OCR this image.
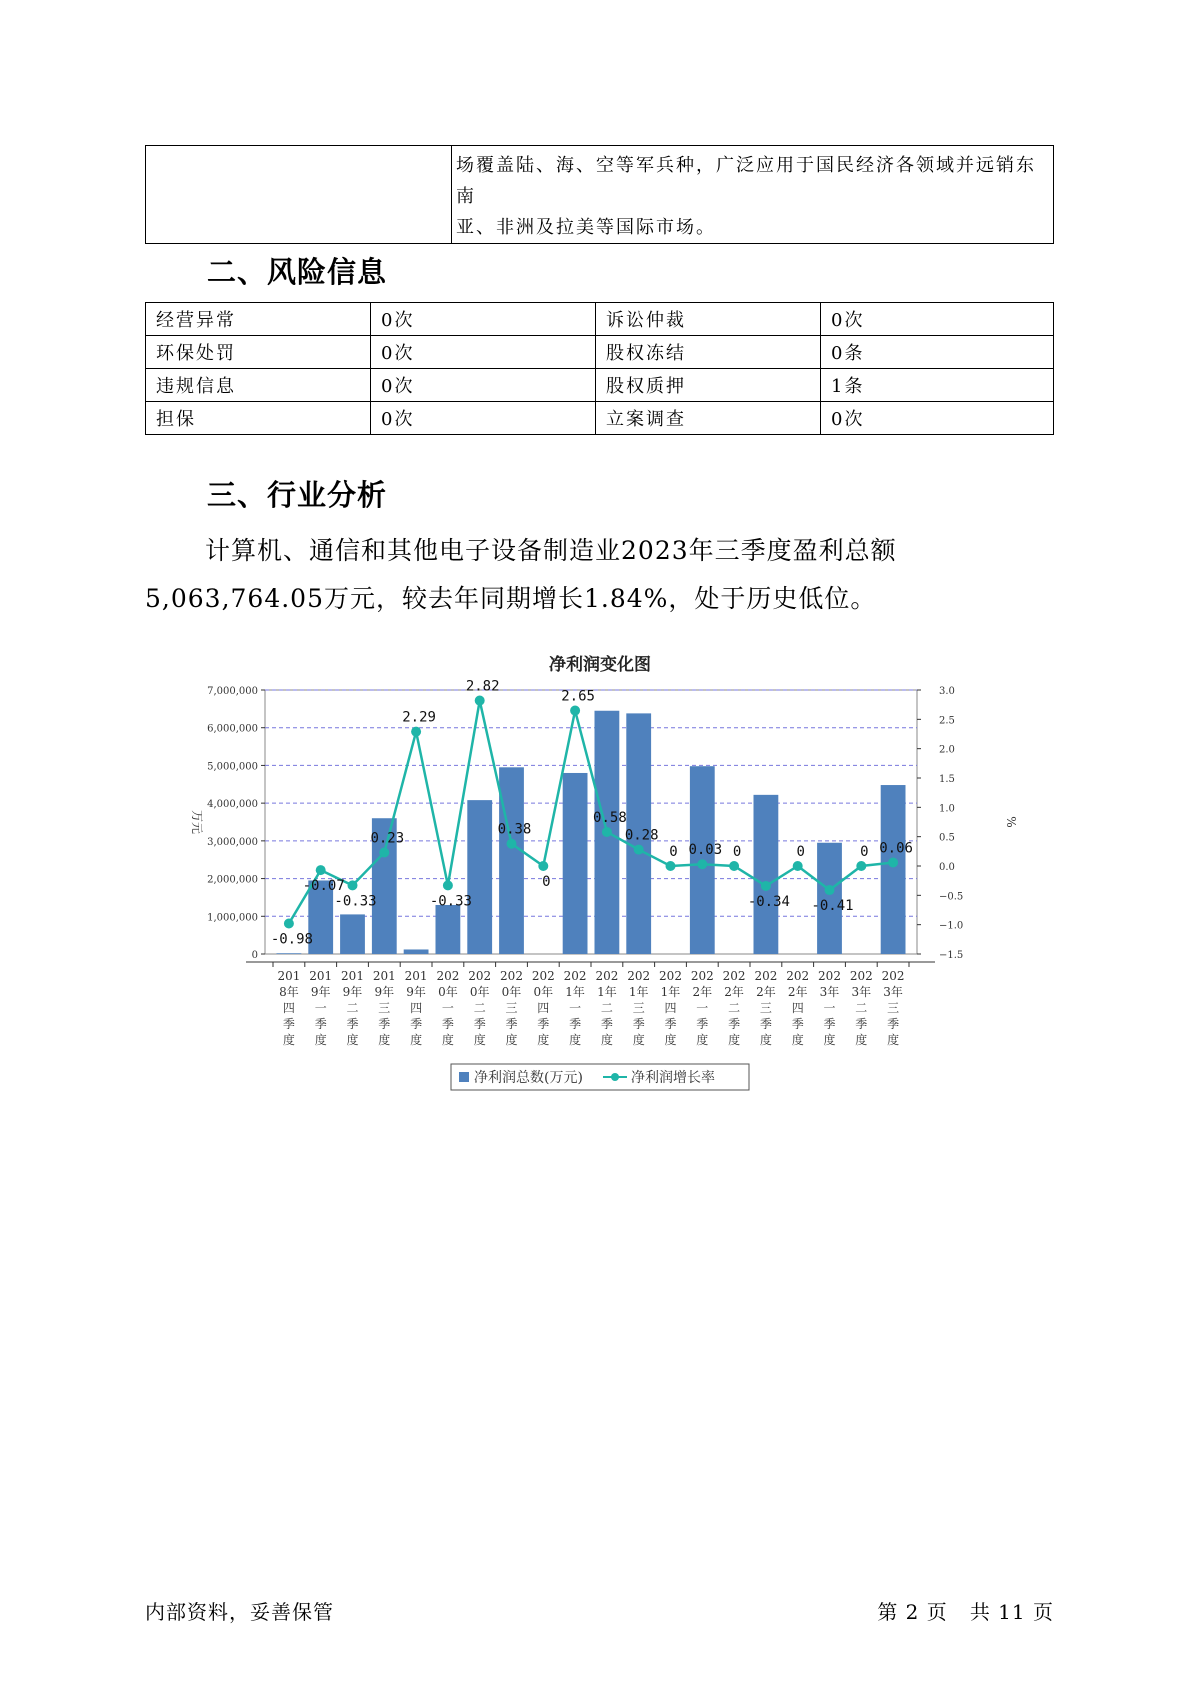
	场覆盖陆、海、空等军兵种，广泛应用于国民经济各领域并远销东南
亚、非洲及拉美等国际市场。
二、风险信息
经营异常	0次	诉讼仲裁	0次
环保处罚	0次	股权冻结	0条
违规信息	0次	股权质押	1条
担保	0次	立案调查	0次
三、行业分析
计算机、通信和其他电子设备制造业2023年三季度盈利总额
5,063,764.05万元，较去年同期增长1.84%，处于历史低位。
净利润变化图
-0.98
-0.07
-0.33
0.23
2.29
-0.33
2.82
0.38
0
2.65
0.58
0.28
0 0.03 0
-0.34
0
-0.41
0 0.06
0
1,000,000
2,000,000
3,000,000
4,000,000
5,000,000
6,000,000
7,000,000
−1.5
−1.0
−0.5
0.0
0.5
1.0
1.5
2.0
2.5
3.0
201
8年
四
季
度
201
9年
一
季
度
201
9年
二
季
度
201
9年
三
季
度
201
9年
四
季
度
202
0年
一
季
度
202
0年
二
季
度
202
0年
三
季
度
202
0年
四
季
度
202
1年
一
季
度
202
1年
二
季
度
202
1年
三
季
度
202
1年
四
季
度
202
2年
一
季
度
202
2年
二
季
度
202
2年
三
季
度
202
2年
四
季
度
202
3年
一
季
度
202
3年
二
季
度
202
3年
三
季
度
万元	%
净利润总数(万元)	净利润增长率
内部资料，妥善保管	第 2 页   共 11 页
